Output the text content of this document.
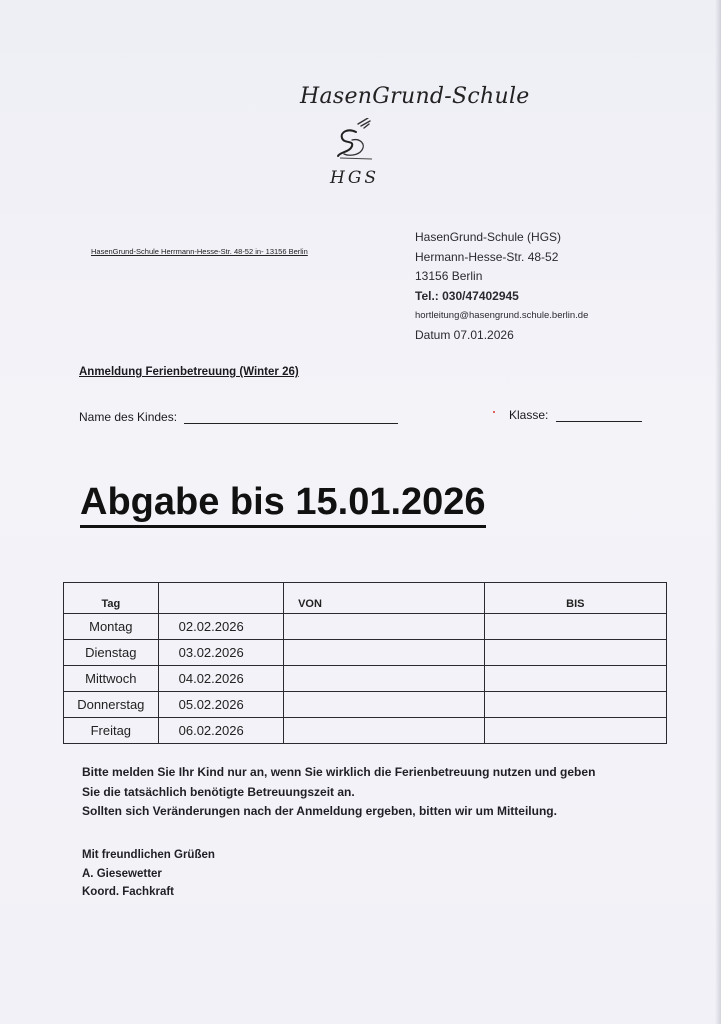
HasenGrund-Schule
HGS
HasenGrund-Schule Herrmann-Hesse-Str. 48-52 in- 13156 Berlin
HasenGrund-Schule (HGS)
Hermann-Hesse-Str. 48-52
13156 Berlin
Tel.: 030/47402945
hortleitung@hasengrund.schule.berlin.de
Datum 07.01.2026
Anmeldung Ferienbetreuung (Winter 26)
Name des Kindes:	Klasse:
Abgabe bis 15.01.2026
Tag		VON	BIS
Montag	02.02.2026		
Dienstag	03.02.2026		
Mittwoch	04.02.2026		
Donnerstag	05.02.2026		
Freitag	06.02.2026		
Bitte melden Sie Ihr Kind nur an, wenn Sie wirklich die Ferienbetreuung nutzen und geben
Sie die tatsächlich benötigte Betreuungszeit an.
Sollten sich Veränderungen nach der Anmeldung ergeben, bitten wir um Mitteilung.
Mit freundlichen Grüßen
A. Giesewetter
Koord. Fachkraft
